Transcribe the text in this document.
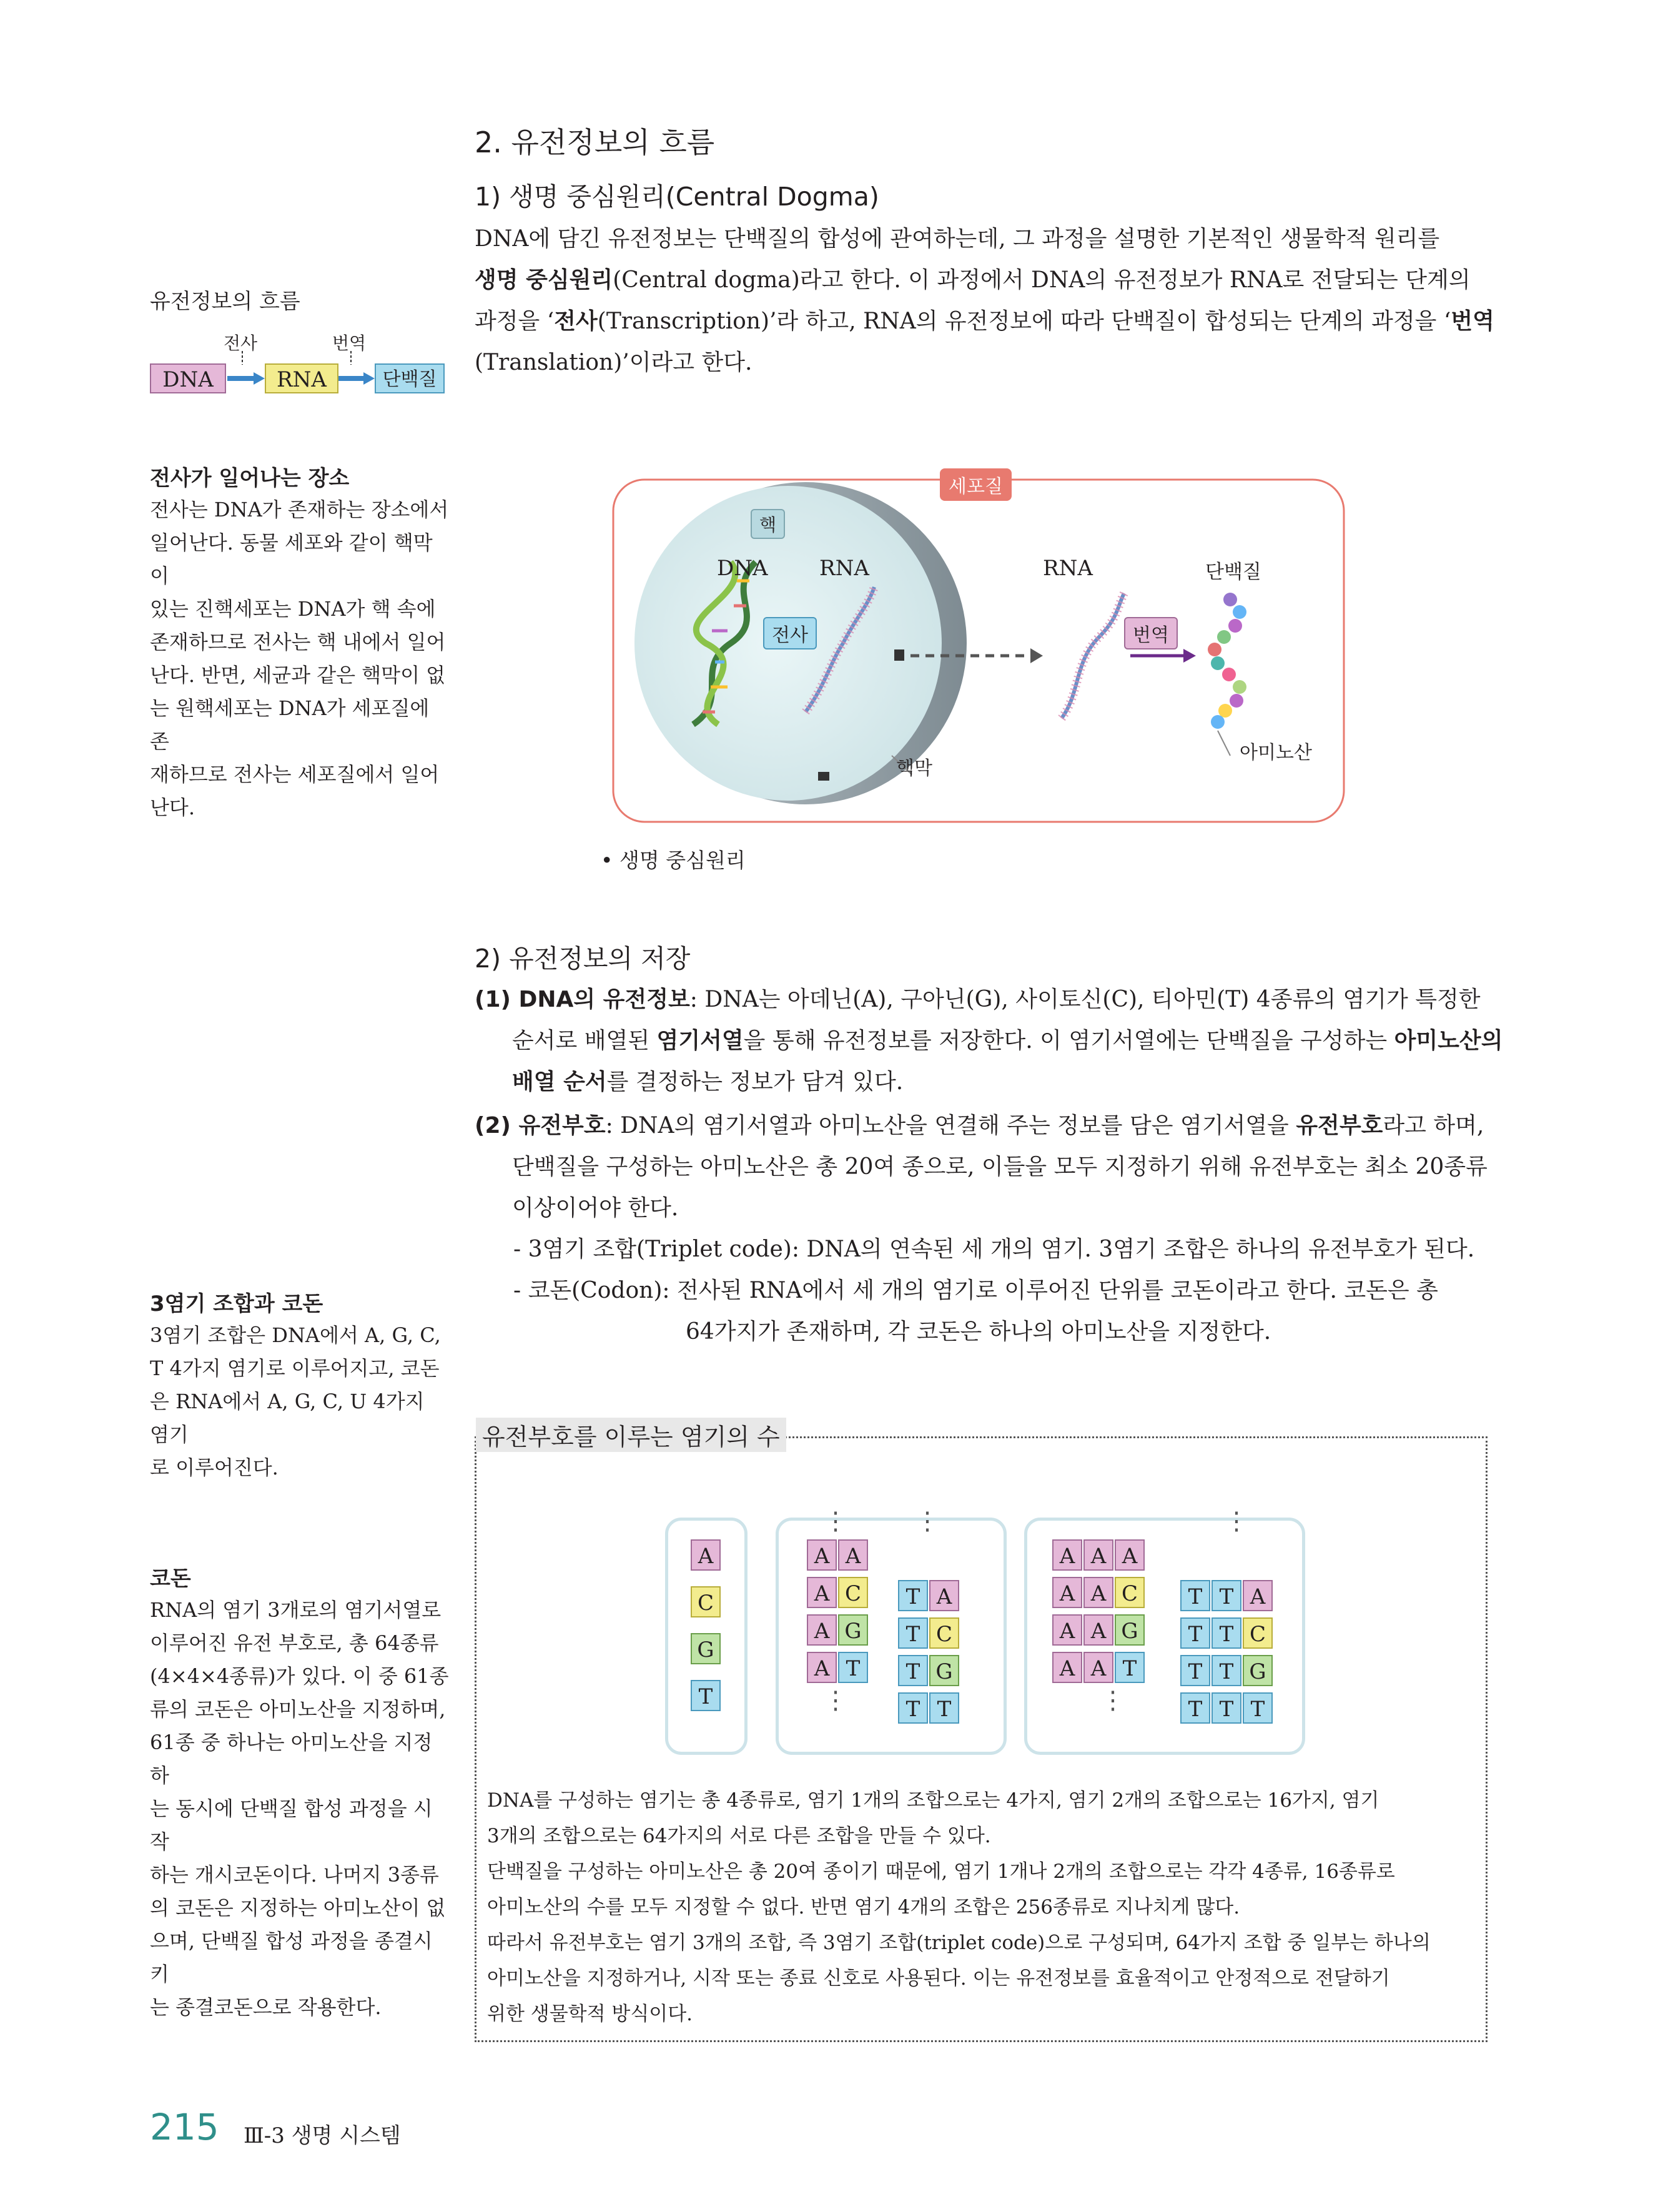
2. 유전정보의 흐름
1) 생명 중심원리(Central Dogma)
DNA에 담긴 유전정보는 단백질의 합성에 관여하는데, 그 과정을 설명한 기본적인 생물학적 원리를
생명 중심원리(Central dogma)라고 한다. 이 과정에서 DNA의 유전정보가 RNA로 전달되는 단계의
과정을 ‘전사(Transcription)’라 하고, RNA의 유전정보에 따라 단백질이 합성되는 단계의 과정을 ‘번역
(Translation)’이라고 한다.
유전정보의 흐름
전사	번역
DNA	RNA	단백질
전사가 일어나는 장소
전사는 DNA가 존재하는 장소에서
일어난다. 동물 세포와 같이 핵막이
있는 진핵세포는 DNA가 핵 속에
존재하므로 전사는 핵 내에서 일어
난다. 반면, 세균과 같은 핵막이 없
는 원핵세포는 DNA가 세포질에 존
재하므로 전사는 세포질에서 일어
난다.
세포질
핵
DNA RNA	RNA	단백질
전사	번역
핵막
아미노산
• 생명 중심원리
2) 유전정보의 저장
(1) DNA의 유전정보: DNA는 아데닌(A), 구아닌(G), 사이토신(C), 티아민(T) 4종류의 염기가 특정한
순서로 배열된 염기서열을 통해 유전정보를 저장한다. 이 염기서열에는 단백질을 구성하는 아미노산의
배열 순서를 결정하는 정보가 담겨 있다.
(2) 유전부호: DNA의 염기서열과 아미노산을 연결해 주는 정보를 담은 염기서열을 유전부호라고 하며,
단백질을 구성하는 아미노산은 총 20여 종으로, 이들을 모두 지정하기 위해 유전부호는 최소 20종류
이상이어야 한다.
- 3염기 조합(Triplet code): DNA의 연속된 세 개의 염기. 3염기 조합은 하나의 유전부호가 된다.
- 코돈(Codon): 전사된 RNA에서 세 개의 염기로 이루어진 단위를 코돈이라고 한다. 코돈은 총
64가지가 존재하며, 각 코돈은 하나의 아미노산을 지정한다.
3염기 조합과 코돈
3염기 조합은 DNA에서 A, G, C,
T 4가지 염기로 이루어지고, 코돈
은 RNA에서 A, G, C, U 4가지 염기
로 이루어진다.
코돈
RNA의 염기 3개로의 염기서열로
이루어진 유전 부호로, 총 64종류
(4×4×4종류)가 있다. 이 중 61종
류의 코돈은 아미노산을 지정하며,
61종 중 하나는 아미노산을 지정하
는 동시에 단백질 합성 과정을 시작
하는 개시코돈이다. 나머지 3종류
의 코돈은 지정하는 아미노산이 없
으며, 단백질 합성 과정을 종결시키
는 종결코돈으로 작용한다.
유전부호를 이루는 염기의 수
A
C
G
T
A A
A C
A G
A T
⋮
⋮
T A
T C
T G
T T
⋮
A A A
A A C
A A G
A A T
⋮
T T A
T T C
T T G
T T T
⋮
DNA를 구성하는 염기는 총 4종류로, 염기 1개의 조합으로는 4가지, 염기 2개의 조합으로는 16가지, 염기
3개의 조합으로는 64가지의 서로 다른 조합을 만들 수 있다.
단백질을 구성하는 아미노산은 총 20여 종이기 때문에, 염기 1개나 2개의 조합으로는 각각 4종류, 16종류로
아미노산의 수를 모두 지정할 수 없다. 반면 염기 4개의 조합은 256종류로 지나치게 많다.
따라서 유전부호는 염기 3개의 조합, 즉 3염기 조합(triplet code)으로 구성되며, 64가지 조합 중 일부는 하나의
아미노산을 지정하거나, 시작 또는 종료 신호로 사용된다. 이는 유전정보를 효율적이고 안정적으로 전달하기
위한 생물학적 방식이다.
215 Ⅲ-3 생명 시스템
